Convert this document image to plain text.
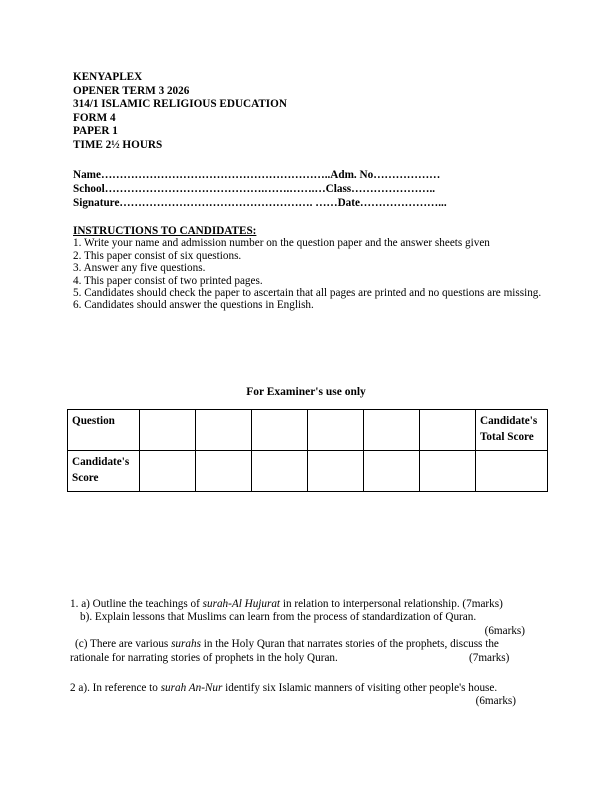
KENYAPLEX
OPENER TERM 3 2026
314/1 ISLAMIC RELIGIOUS EDUCATION
FORM 4
PAPER 1
TIME 2½ HOURS
Name……………………………………………………..Adm. No………………
School…………………………………….…….…….…Class…………………..
Signature……………………………………………. ……Date…………………...
INSTRUCTIONS TO CANDIDATES:
1. Write your name and admission number on the question paper and the answer sheets given
2. This paper consist of six questions.
3. Answer any five questions.
4. This paper consist of two printed pages.
5. Candidates should check the paper to ascertain that all pages are printed and no questions are missing.
6. Candidates should answer the questions in English.
For Examiner's use only
Question							Candidate's Total Score
Candidate's Score							
1. a) Outline the teachings of surah-Al Hujurat in relation to interpersonal relationship. (7marks)
b). Explain lessons that Muslims can learn from the process of standardization of Quran.
(6marks)
(c) There are various surahs in the Holy Quran that narrates stories of the prophets, discuss the
rationale for narrating stories of prophets in the holy Quran.	(7marks)
2 a). In reference to surah An-Nur identify six Islamic manners of visiting other people's house.
(6marks)
